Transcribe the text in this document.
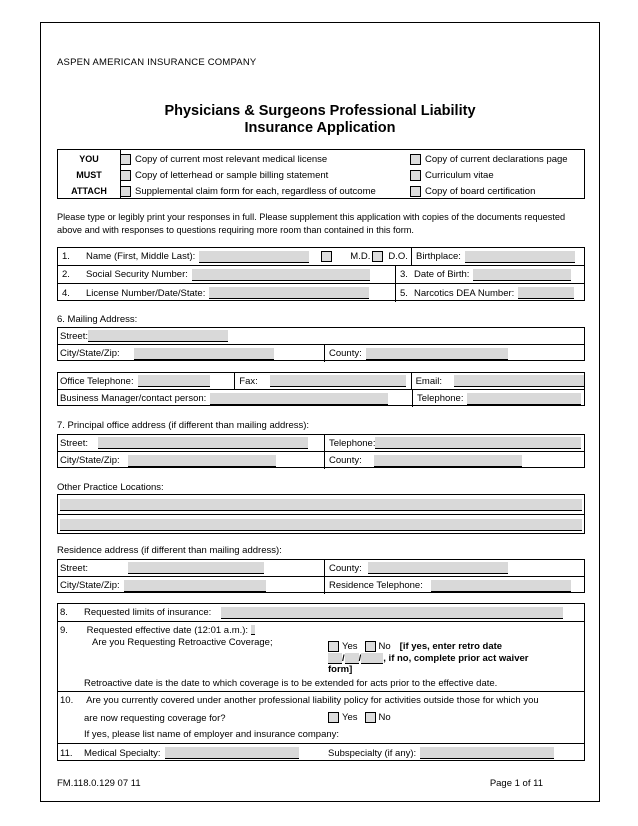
ASPEN AMERICAN INSURANCE COMPANY
Physicians & Surgeons Professional Liability
Insurance Application
YOU	Copy of current most relevant medical license	Copy of current declarations page
MUST	Copy of letterhead or sample billing statement	Curriculum vitae
ATTACH	Supplemental claim form for each, regardless of outcome	Copy of board certification
Please type or legibly print your responses in full. Please supplement this application with copies of the documents requested above and with responses to questions requiring more room than contained in this form.
1.	Name (First, Middle Last):	M.D. D.O. Birthplace:
2.	Social Security Number:	3. Date of Birth:
4.	License Number/Date/State:	5. Narcotics DEA Number:
6. Mailing Address:
Street:
City/State/Zip:	County:
Office Telephone:	Fax:	Email:
Business Manager/contact person:	Telephone:
7. Principal office address (if different than mailing address):
Street:	Telephone:
City/State/Zip:	County:
Other Practice Locations:
Residence address (if different than mailing address):
Street:	County:
City/State/Zip:	Residence Telephone:
8.	Requested limits of insurance:
9. Requested effective date (12:01 a.m.):
Are you Requesting Retroactive Coverage;	Yes No [if yes, enter retro date
/ / , if no, complete prior act waiver
form]
Retroactive date is the date to which coverage is to be extended for acts prior to the effective date.
10. Are you currently covered under another professional liability policy for activities outside those for which you
are now requesting coverage for?	Yes No
If yes, please list name of employer and insurance company:
11.	Medical Specialty:	Subspecialty (if any):
FM.118.0.129 07 11	Page 1 of 11
